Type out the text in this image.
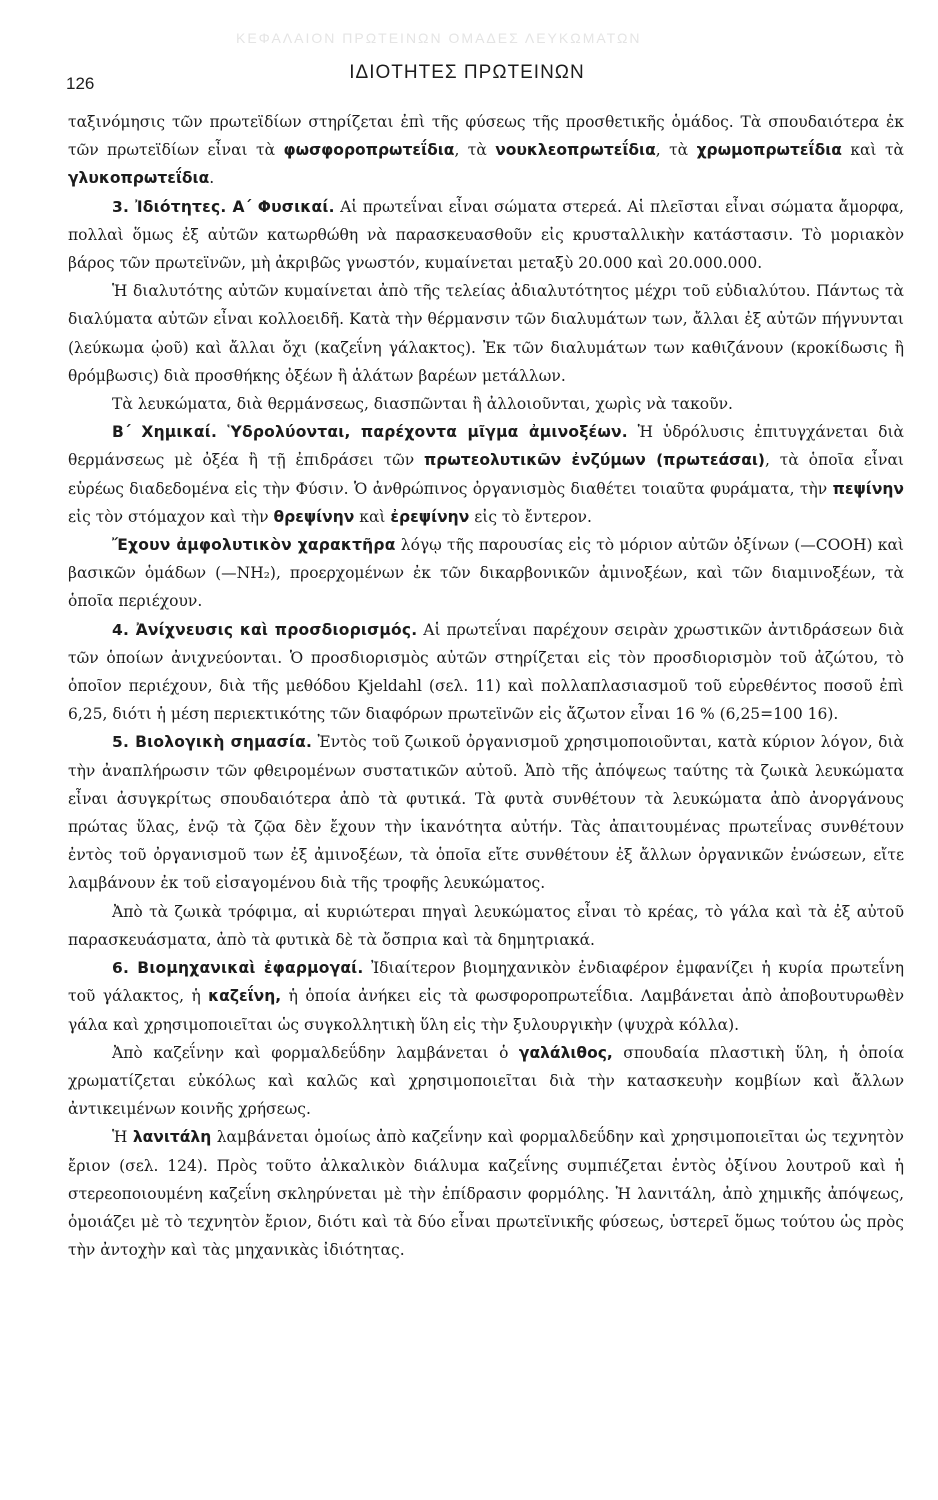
ΚΕΦΑΛΑΙΟΝ ΠΡΩΤΕΙΝΩΝ ΟΜΑΔΕΣ ΛΕΥΚΩΜΑΤΩΝ
126
ΙΔΙΟΤΗΤΕΣ ΠΡΩΤΕΙΝΩΝ

ταξινόμησις τῶν πρωτεϊδίων στηρίζεται ἐπὶ τῆς φύσεως τῆς προσθετικῆς ὁμάδος. Τὰ σπουδαιότερα ἐκ τῶν πρωτεϊδίων εἶναι τὰ φωσφοροπρωτεΐδια, τὰ νουκλεοπρωτεΐδια, τὰ χρωμοπρωτεΐδια καὶ τὰ γλυκοπρωτεΐδια.

3. Ἰδιότητες. Α΄ Φυσικαί. Αἱ πρωτεΐναι εἶναι σώματα στερεά. Αἱ πλεῖσται εἶναι σώματα ἄμορφα, πολλαὶ ὅμως ἐξ αὐτῶν κατωρθώθη νὰ παρασκευασθοῦν εἰς κρυσταλλικὴν κατάστασιν. Τὸ μοριακὸν βάρος τῶν πρωτεϊνῶν, μὴ ἀκριβῶς γνωστόν, κυμαίνεται μεταξὺ 20.000 καὶ 20.000.000.

Ἡ διαλυτότης αὐτῶν κυμαίνεται ἀπὸ τῆς τελείας ἀδιαλυτότητος μέχρι τοῦ εὐδιαλύτου. Πάντως τὰ διαλύματα αὐτῶν εἶναι κολλοειδῆ. Κατὰ τὴν θέρμανσιν τῶν διαλυμάτων των, ἄλλαι ἐξ αὐτῶν πήγνυνται (λεύκωμα ᾠοῦ) καὶ ἄλλαι ὄχι (καζεΐνη γάλακτος). Ἐκ τῶν διαλυμάτων των καθιζάνουν (κροκίδωσις ἢ θρόμβωσις) διὰ προσθήκης ὀξέων ἢ ἁλάτων βαρέων μετάλλων.

Τὰ λευκώματα, διὰ θερμάνσεως, διασπῶνται ἢ ἀλλοιοῦνται, χωρὶς νὰ τακοῦν.

Β΄ Χημικαί. Ὑδρολύονται, παρέχοντα μῖγμα ἀμινοξέων. Ἡ ὑδρόλυσις ἐπιτυγχάνεται διὰ θερμάνσεως μὲ ὀξέα ἢ τῇ ἐπιδράσει τῶν πρωτεολυτικῶν ἐνζύμων (πρωτεάσαι), τὰ ὁποῖα εἶναι εὑρέως διαδεδομένα εἰς τὴν Φύσιν. Ὁ ἀνθρώπινος ὀργανισμὸς διαθέτει τοιαῦτα φυράματα, τὴν πεψίνην εἰς τὸν στόμαχον καὶ τὴν θρεψίνην καὶ ἐρεψίνην εἰς τὸ ἔντερον.

Ἔχουν ἀμφολυτικὸν χαρακτῆρα λόγῳ τῆς παρουσίας εἰς τὸ μόριον αὐτῶν ὀξίνων (—COOH) καὶ βασικῶν ὁμάδων (—NH₂), προερχομένων ἐκ τῶν δικαρβονικῶν ἀμινοξέων, καὶ τῶν διαμινοξέων, τὰ ὁποῖα περιέχουν.

4. Ἀνίχνευσις καὶ προσδιορισμός. Αἱ πρωτεΐναι παρέχουν σειρὰν χρωστικῶν ἀντιδράσεων διὰ τῶν ὁποίων ἀνιχνεύονται. Ὁ προσδιορισμὸς αὐτῶν στηρίζεται εἰς τὸν προσδιορισμὸν τοῦ ἀζώτου, τὸ ὁποῖον περιέχουν, διὰ τῆς μεθόδου Kjeldahl (σελ. 11) καὶ πολλαπλασιασμοῦ τοῦ εὑρεθέντος ποσοῦ ἐπὶ 6,25, διότι ἡ μέση περιεκτικότης τῶν διαφόρων πρωτεϊνῶν εἰς ἄζωτον εἶναι 16 % (6,25=100 16).

5. Βιολογικὴ σημασία. Ἐντὸς τοῦ ζωικοῦ ὀργανισμοῦ χρησιμοποιοῦνται, κατὰ κύριον λόγον, διὰ τὴν ἀναπλήρωσιν τῶν φθειρομένων συστατικῶν αὐτοῦ. Ἀπὸ τῆς ἀπόψεως ταύτης τὰ ζωικὰ λευκώματα εἶναι ἀσυγκρίτως σπουδαιότερα ἀπὸ τὰ φυτικά. Τὰ φυτὰ συνθέτουν τὰ λευκώματα ἀπὸ ἀνοργάνους πρώτας ὕλας, ἐνῷ τὰ ζῷα δὲν ἔχουν τὴν ἱκανότητα αὐτήν. Τὰς ἀπαιτουμένας πρωτεΐνας συνθέτουν ἐντὸς τοῦ ὀργανισμοῦ των ἐξ ἀμινοξέων, τὰ ὁποῖα εἴτε συνθέτουν ἐξ ἄλλων ὀργανικῶν ἑνώσεων, εἴτε λαμβάνουν ἐκ τοῦ εἰσαγομένου διὰ τῆς τροφῆς λευκώματος.

Ἀπὸ τὰ ζωικὰ τρόφιμα, αἱ κυριώτεραι πηγαὶ λευκώματος εἶναι τὸ κρέας, τὸ γάλα καὶ τὰ ἐξ αὐτοῦ παρασκευάσματα, ἀπὸ τὰ φυτικὰ δὲ τὰ ὄσπρια καὶ τὰ δημητριακά.

6. Βιομηχανικαὶ ἐφαρμογαί. Ἰδιαίτερον βιομηχανικὸν ἐνδιαφέρον ἐμφανίζει ἡ κυρία πρωτεΐνη τοῦ γάλακτος, ἡ καζεΐνη, ἡ ὁποία ἀνήκει εἰς τὰ φωσφοροπρωτεΐδια. Λαμβάνεται ἀπὸ ἀποβουτυρωθὲν γάλα καὶ χρησιμοποιεῖται ὡς συγκολλητικὴ ὕλη εἰς τὴν ξυλουργικὴν (ψυχρὰ κόλλα).

Ἀπὸ καζεΐνην καὶ φορμαλδεΰδην λαμβάνεται ὁ γαλάλιθος, σπουδαία πλαστικὴ ὕλη, ἡ ὁποία χρωματίζεται εὐκόλως καὶ καλῶς καὶ χρησιμοποιεῖται διὰ τὴν κατασκευὴν κομβίων καὶ ἄλλων ἀντικειμένων κοινῆς χρήσεως.

Ἡ λανιτάλη λαμβάνεται ὁμοίως ἀπὸ καζεΐνην καὶ φορμαλδεΰδην καὶ χρησιμοποιεῖται ὡς τεχνητὸν ἔριον (σελ. 124). Πρὸς τοῦτο ἀλκαλικὸν διάλυμα καζεΐνης συμπιέζεται ἐντὸς ὀξίνου λουτροῦ καὶ ἡ στερεοποιουμένη καζεΐνη σκληρύνεται μὲ τὴν ἐπίδρασιν φορμόλης. Ἡ λανιτάλη, ἀπὸ χημικῆς ἀπόψεως, ὁμοιάζει μὲ τὸ τεχνητὸν ἔριον, διότι καὶ τὰ δύο εἶναι πρωτεϊνικῆς φύσεως, ὑστερεῖ ὅμως τούτου ὡς πρὸς τὴν ἀντοχὴν καὶ τὰς μηχανικὰς ἰδιότητας.
